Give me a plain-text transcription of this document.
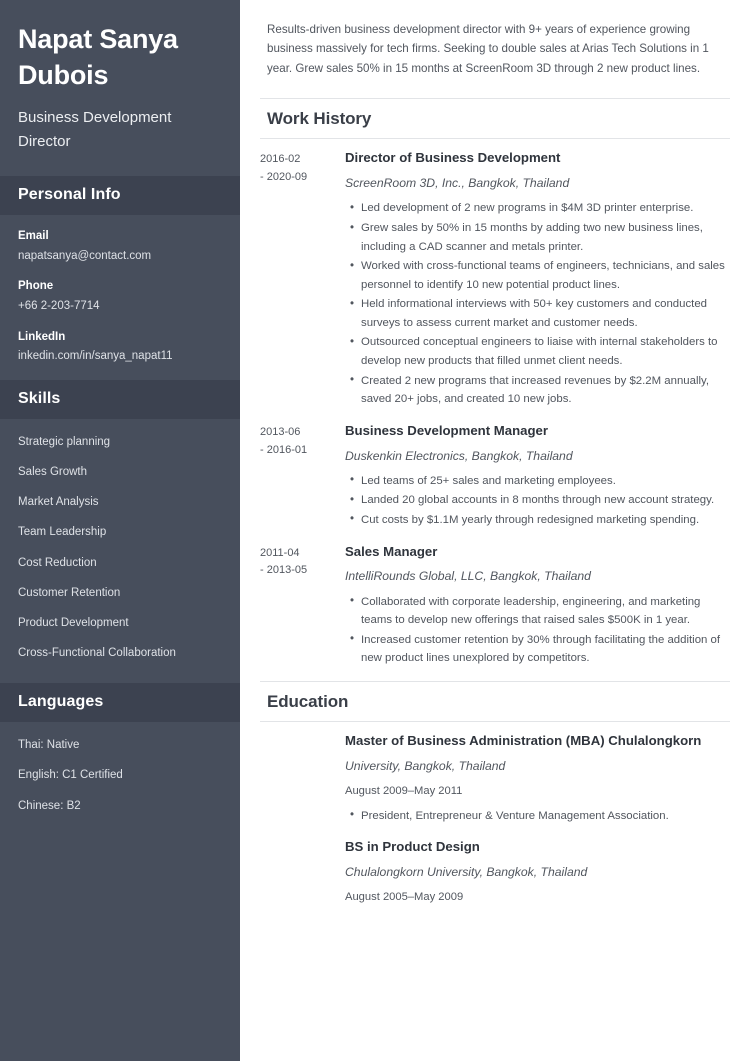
Napat Sanya Dubois
Business Development Director
Personal Info
Email
napatsanya@contact.com
Phone
+66 2-203-7714
LinkedIn
inkedin.com/in/sanya_napat11
Skills
Strategic planning
Sales Growth
Market Analysis
Team Leadership
Cost Reduction
Customer Retention
Product Development
Cross-Functional Collaboration
Languages
Thai: Native
English: C1 Certified
Chinese: B2

Results-driven business development director with 9+ years of experience growing business massively for tech firms. Seeking to double sales at Arias Tech Solutions in 1 year. Grew sales 50% in 15 months at ScreenRoom 3D through 2 new product lines.

Work History
2016-02
- 2020-09
Director of Business Development
ScreenRoom 3D, Inc., Bangkok, Thailand
• Led development of 2 new programs in $4M 3D printer enterprise.
• Grew sales by 50% in 15 months by adding two new business lines, including a CAD scanner and metals printer.
• Worked with cross-functional teams of engineers, technicians, and sales personnel to identify 10 new potential product lines.
• Held informational interviews with 50+ key customers and conducted surveys to assess current market and customer needs.
• Outsourced conceptual engineers to liaise with internal stakeholders to develop new products that filled unmet client needs.
• Created 2 new programs that increased revenues by $2.2M annually, saved 20+ jobs, and created 10 new jobs.
2013-06
- 2016-01
Business Development Manager
Duskenkin Electronics, Bangkok, Thailand
• Led teams of 25+ sales and marketing employees.
• Landed 20 global accounts in 8 months through new account strategy.
• Cut costs by $1.1M yearly through redesigned marketing spending.
2011-04
- 2013-05
Sales Manager
IntelliRounds Global, LLC, Bangkok, Thailand
• Collaborated with corporate leadership, engineering, and marketing teams to develop new offerings that raised sales $500K in 1 year.
• Increased customer retention by 30% through facilitating the addition of new product lines unexplored by competitors.
Education
Master of Business Administration (MBA) Chulalongkorn
University, Bangkok, Thailand
August 2009–May 2011
• President, Entrepreneur & Venture Management Association.
BS in Product Design
Chulalongkorn University, Bangkok, Thailand
August 2005–May 2009
